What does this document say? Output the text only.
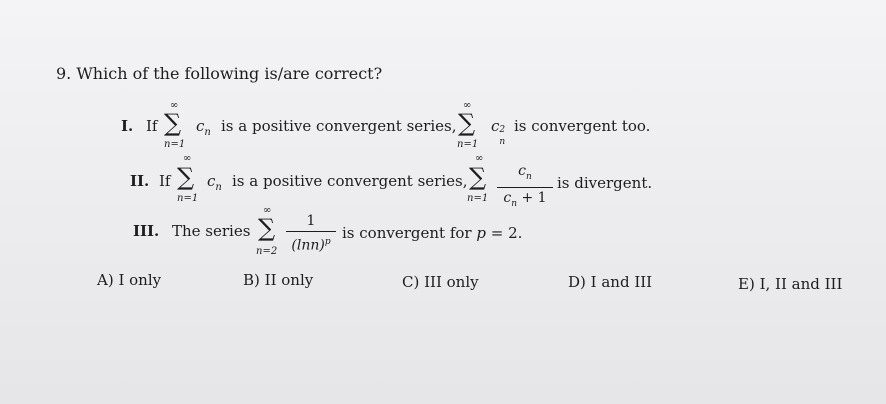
9. Which of the following is/are correct?
I. If
∞
∑
n=1
$c_n$ is a positive convergent series,
∞
∑
n=1
c 2
n
is convergent too.
II. If
∞
∑
n=1
$c_n$ is a positive convergent series,
∞
∑
n=1
$c_n$
$c_n + 1$
is divergent.
III. The series
∞
∑
n=2
1
$(\ln n)^p$ is convergent for p = 2.
A) I only	B) II only	C) III only	D) I and III	E) I, II and III
